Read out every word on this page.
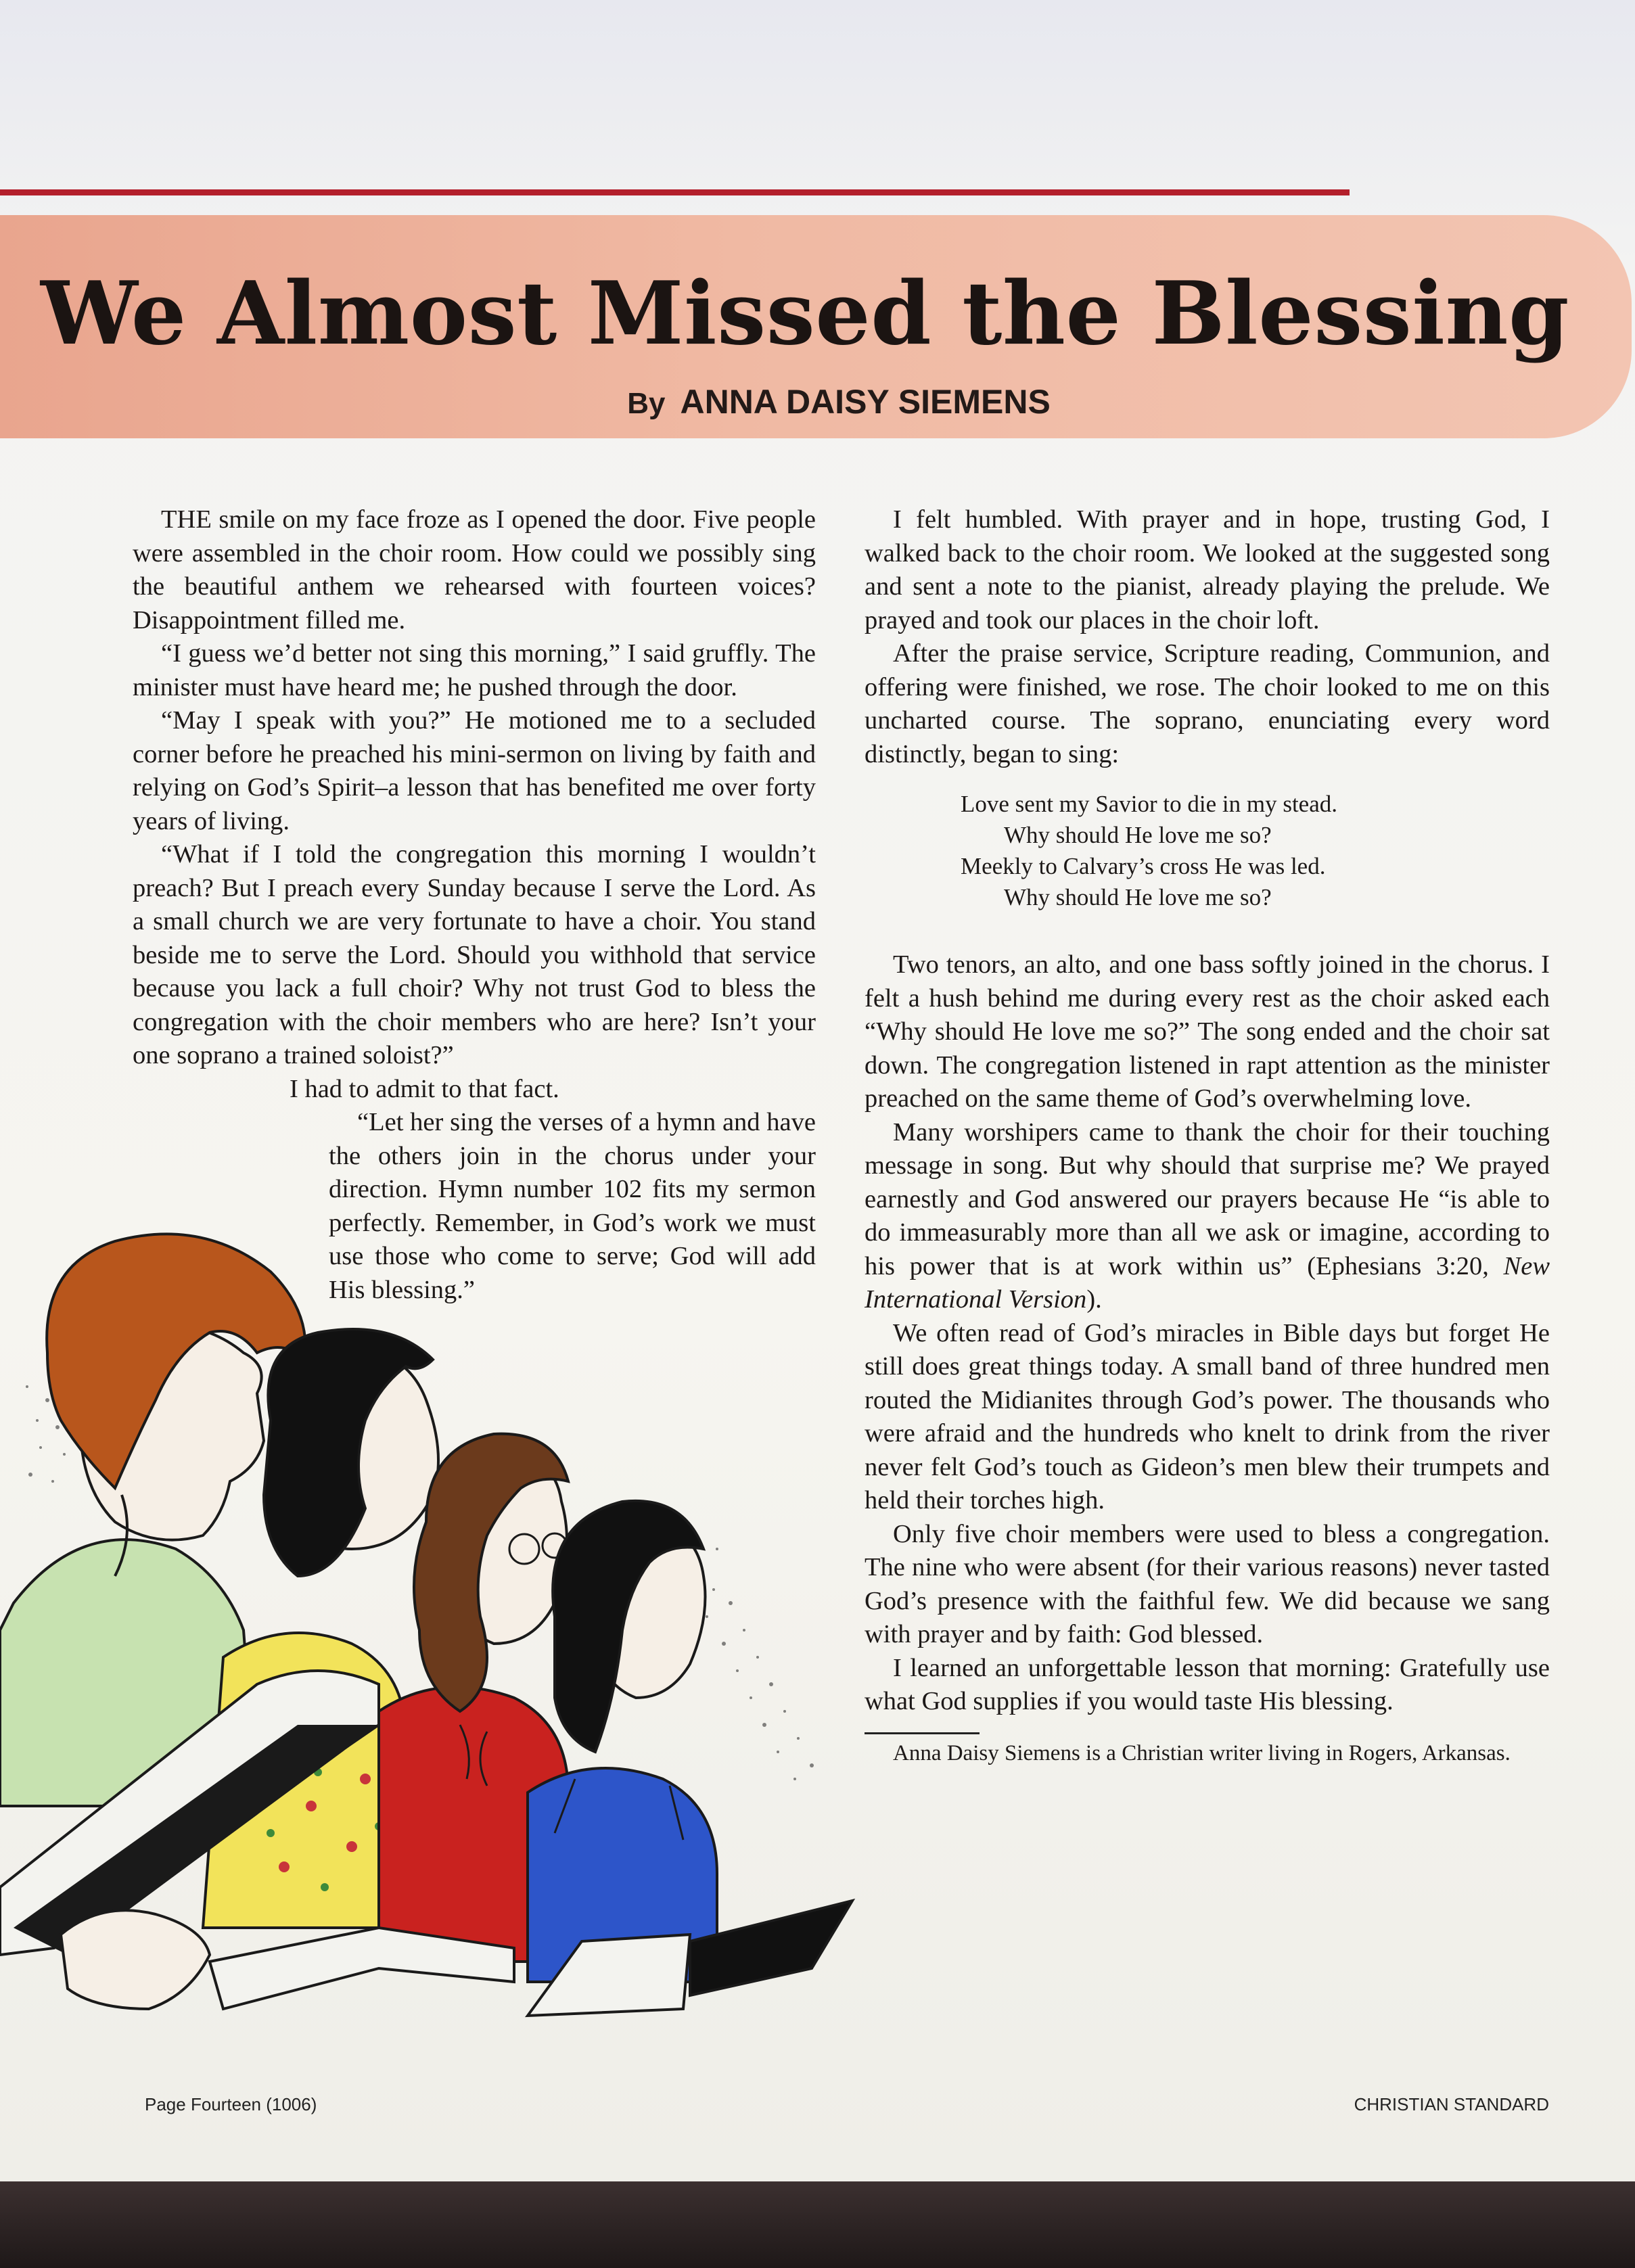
We Almost Missed the Blessing
By ANNA DAISY SIEMENS

THE smile on my face froze as I opened the door. Five people were assembled in the choir room. How could we possibly sing the beautiful anthem we rehearsed with fourteen voices? Disappointment filled me.

“I guess we’d better not sing this morning,” I said gruffly. The minister must have heard me; he pushed through the door.

“May I speak with you?” He motioned me to a secluded corner before he preached his mini-sermon on living by faith and relying on God’s Spirit–a lesson that has benefited me over forty years of living.

“What if I told the congregation this morning I wouldn’t preach? But I preach every Sunday because I serve the Lord. As a small church we are very fortunate to have a choir. You stand beside me to serve the Lord. Should you withhold that service because you lack a full choir? Why not trust God to bless the congregation with the choir members who are here? Isn’t your one soprano a trained soloist?”

I had to admit to that fact.

“Let her sing the verses of a hymn and have the others join in the chorus under your direction. Hymn number 102 fits my sermon perfectly. Remember, in God’s work we must use those who come to serve; God will add His blessing.”

I felt humbled. With prayer and in hope, trusting God, I walked back to the choir room. We looked at the suggested song and sent a note to the pianist, already playing the prelude. We prayed and took our places in the choir loft.

After the praise service, Scripture reading, Communion, and offering were finished, we rose. The choir looked to me on this uncharted course. The soprano, enunciating every word distinctly, began to sing:

Love sent my Savior to die in my stead.
Why should He love me so?
Meekly to Calvary’s cross He was led.
Why should He love me so?

Two tenors, an alto, and one bass softly joined in the chorus. I felt a hush behind me during every rest as the choir asked each “Why should He love me so?” The song ended and the choir sat down. The congregation listened in rapt attention as the minister preached on the same theme of God’s overwhelming love.

Many worshipers came to thank the choir for their touching message in song. But why should that surprise me? We prayed earnestly and God answered our prayers because He “is able to do immeasurably more than all we ask or imagine, according to his power that is at work within us” (Ephesians 3:20, New International Version).

We often read of God’s miracles in Bible days but forget He still does great things today. A small band of three hundred men routed the Midianites through God’s power. The thousands who were afraid and the hundreds who knelt to drink from the river never felt God’s touch as Gideon’s men blew their trumpets and held their torches high.

Only five choir members were used to bless a congregation. The nine who were absent (for their various reasons) never tasted God’s presence with the faithful few. We did because we sang with prayer and by faith: God blessed.

I learned an unforgettable lesson that morning: Gratefully use what God supplies if you would taste His blessing.

Anna Daisy Siemens is a Christian writer living in Rogers, Arkansas.

Page Fourteen (1006)	CHRISTIAN STANDARD
